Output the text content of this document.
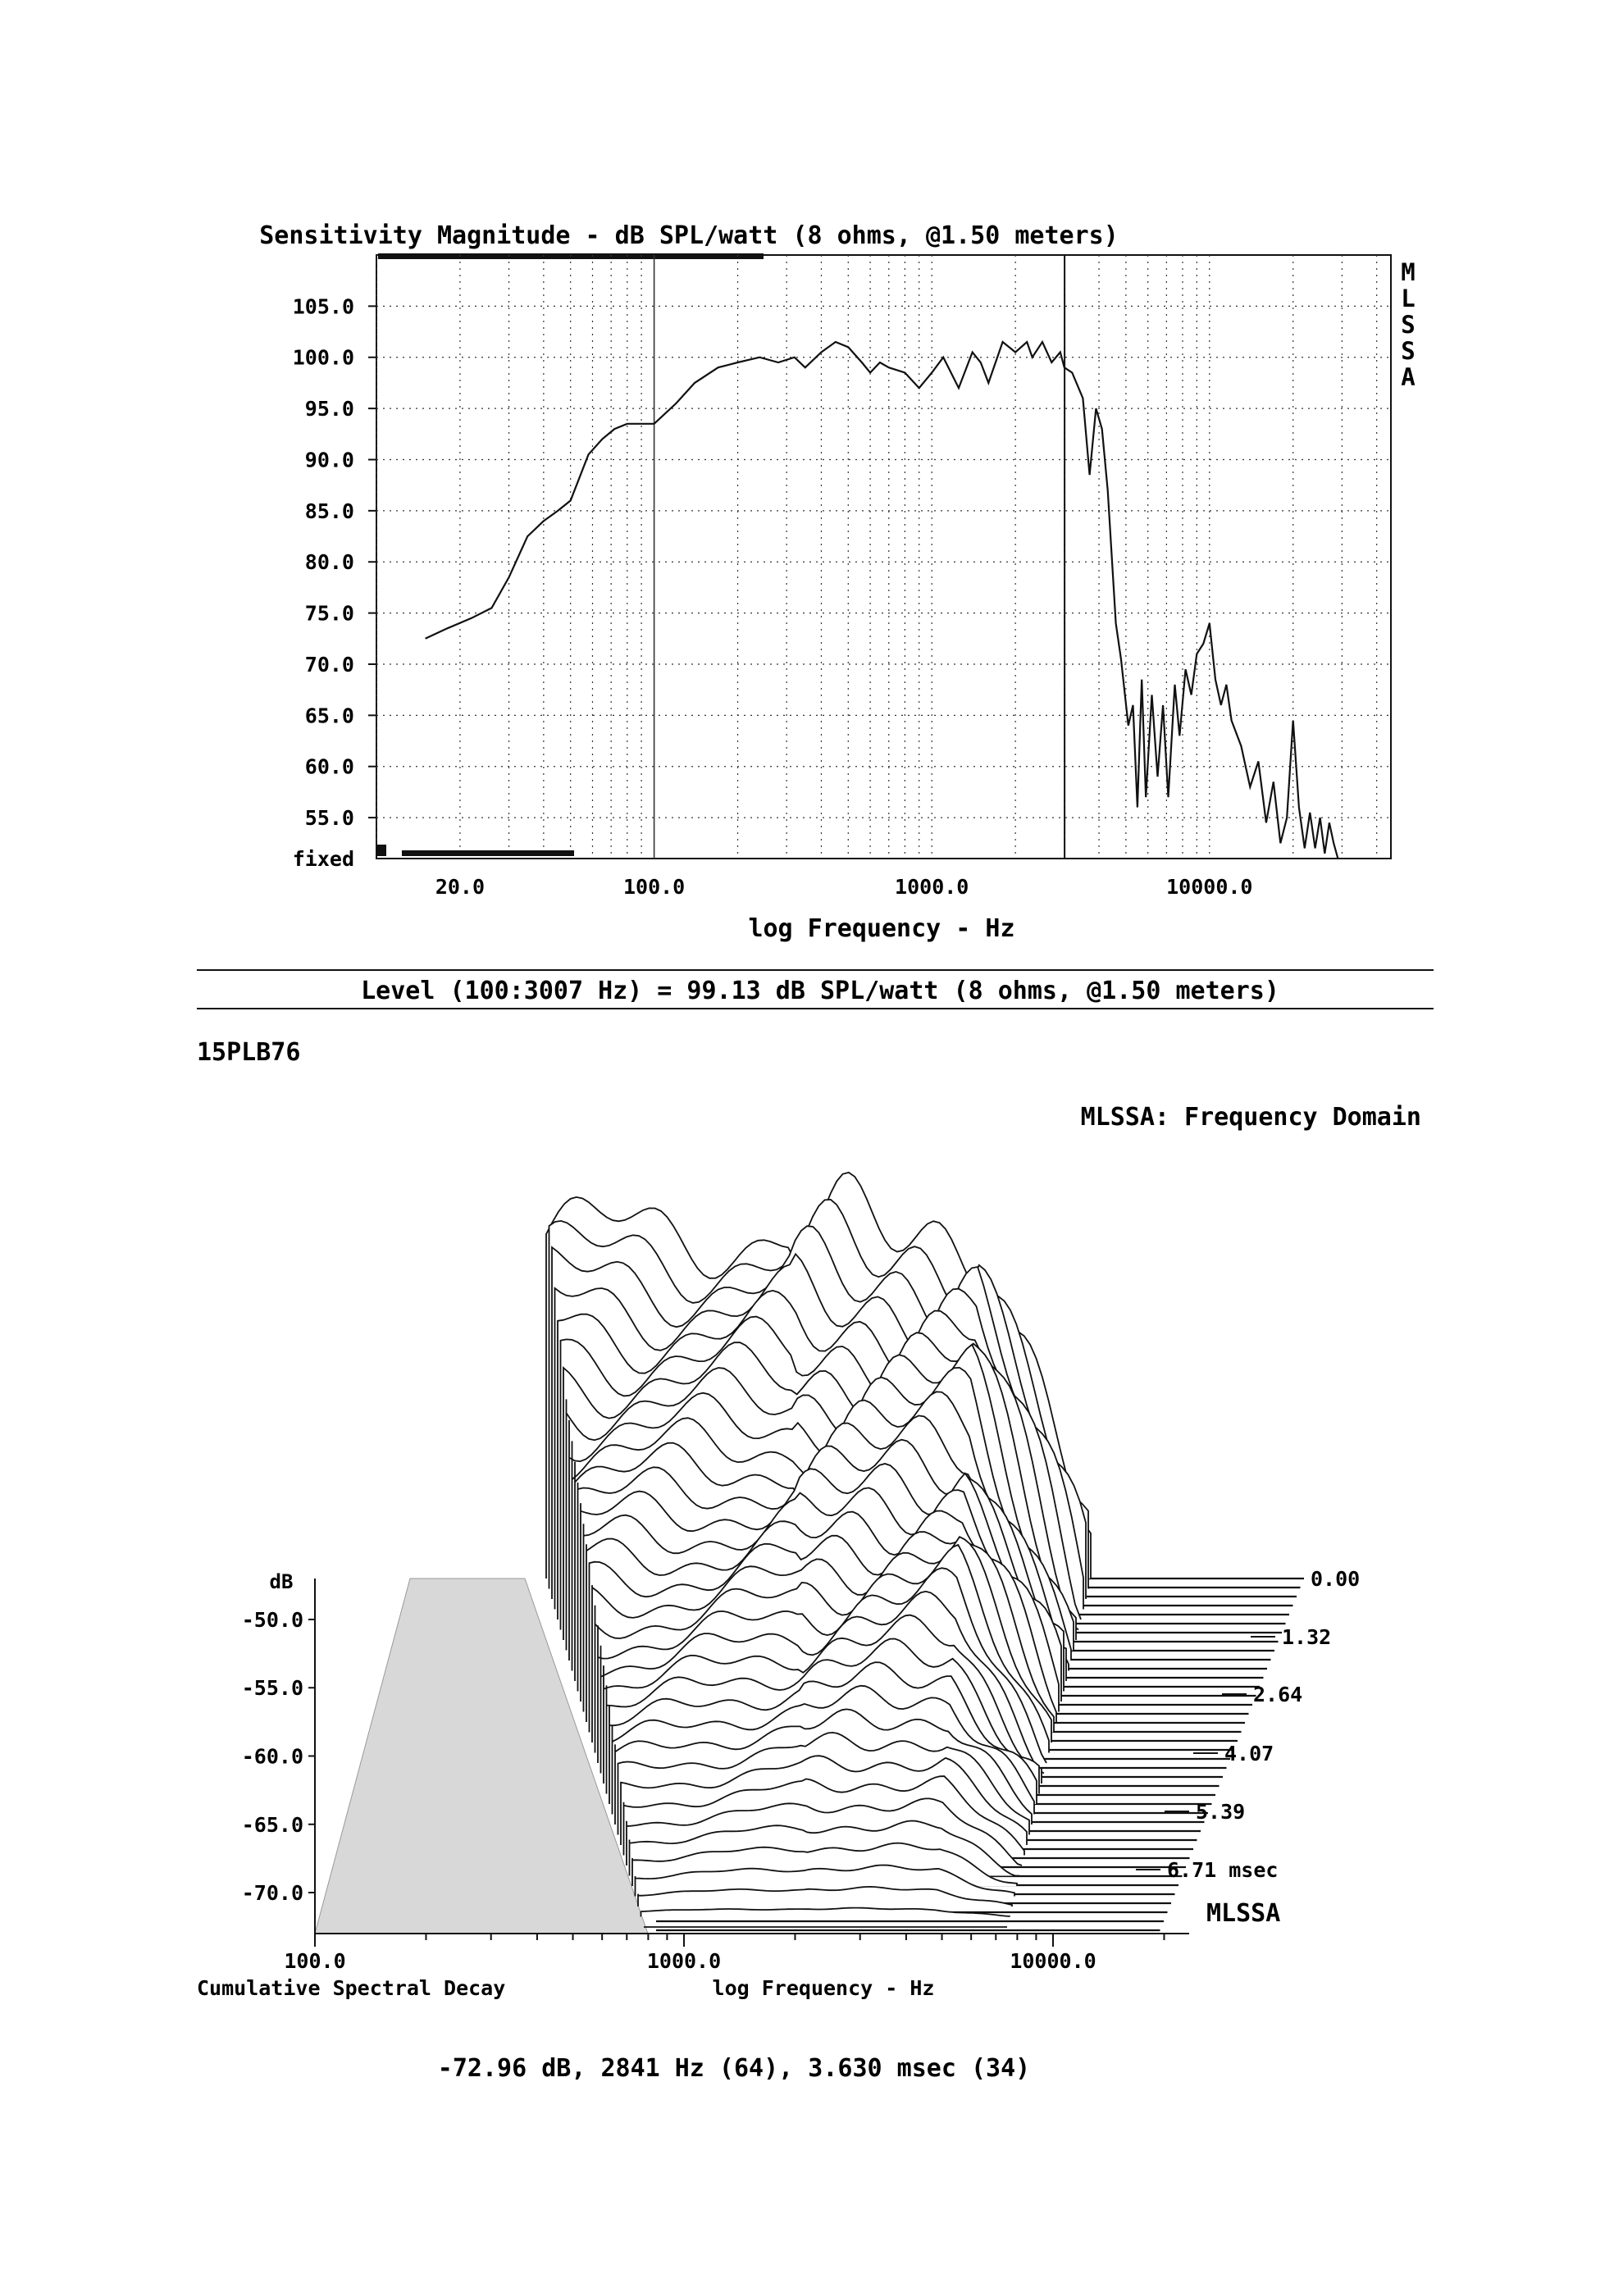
Sensitivity Magnitude - dB SPL/watt (8 ohms, @1.50 meters)
105.0
100.0
95.0
90.0
85.0
80.0
75.0
70.0
65.0
60.0
55.0
fixed
20.0	100.0	1000.0	10000.0
M
L
S
S
A
log Frequency - Hz
Level (100:3007 Hz) = 99.13 dB SPL/watt (8 ohms, @1.50 meters)
15PLB76
MLSSA: Frequency Domain
-50.0
-55.0
-60.0
-65.0
-70.0
dB	0.00
1.32
2.64
4.07
5.39
6.71 msec
MLSSA
100.0	1000.0	10000.0
Cumulative Spectral Decay	log Frequency - Hz
-72.96 dB, 2841 Hz (64), 3.630 msec (34)
